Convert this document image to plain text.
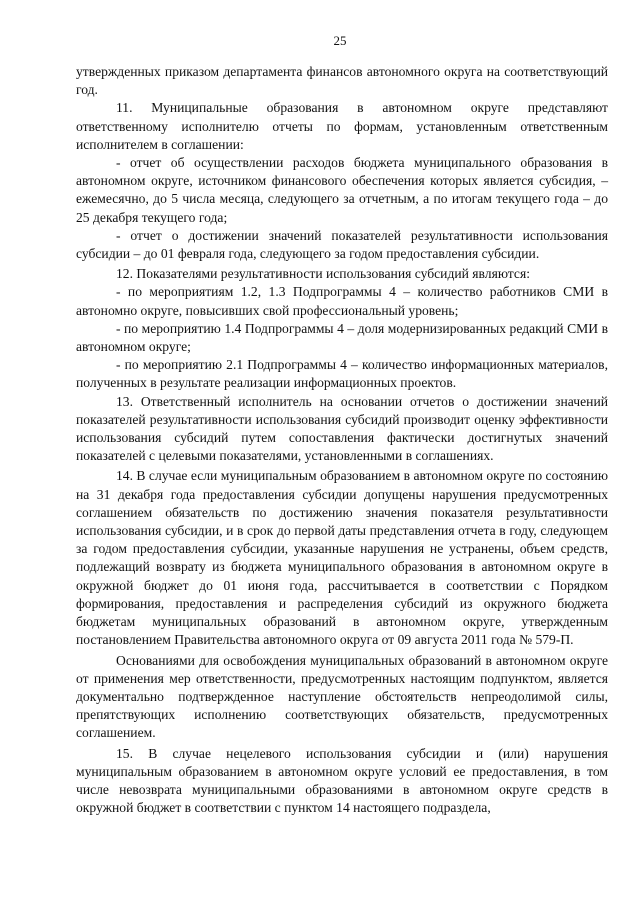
25

утвержденных приказом департамента финансов автономного округа на соответствующий год.

11. Муниципальные образования в автономном округе представляют ответственному исполнителю отчеты по формам, установленным ответственным исполнителем в соглашении:

- отчет об осуществлении расходов бюджета муниципального образования в автономном округе, источником финансового обеспечения которых является субсидия, – ежемесячно, до 5 числа месяца, следующего за отчетным, а по итогам текущего года – до 25 декабря текущего года;

- отчет о достижении значений показателей результативности использования субсидии – до 01 февраля года, следующего за годом предоставления субсидии.

12. Показателями результативности использования субсидий являются:

- по мероприятиям 1.2, 1.3 Подпрограммы 4 – количество работников СМИ в автономно округе, повысивших свой профессиональный уровень;

- по мероприятию 1.4 Подпрограммы 4 – доля модернизированных редакций СМИ в автономном округе;

- по мероприятию 2.1 Подпрограммы 4 – количество информационных материалов, полученных в результате реализации информационных проектов.

13. Ответственный исполнитель на основании отчетов о достижении значений показателей результативности использования субсидий производит оценку эффективности использования субсидий путем сопоставления фактически достигнутых значений показателей с целевыми показателями, установленными в соглашениях.

14. В случае если муниципальным образованием в автономном округе по состоянию на 31 декабря года предоставления субсидии допущены нарушения предусмотренных соглашением обязательств по достижению значения показателя результативности использования субсидии, и в срок до первой даты представления отчета в году, следующем за годом предоставления субсидии, указанные нарушения не устранены, объем средств, подлежащий возврату из бюджета муниципального образования в автономном округе в окружной бюджет до 01 июня года, рассчитывается в соответствии с Порядком формирования, предоставления и распределения субсидий из окружного бюджета бюджетам муниципальных образований в автономном округе, утвержденным постановлением Правительства автономного округа от 09 августа 2011 года № 579-П.

Основаниями для освобождения муниципальных образований в автономном округе от применения мер ответственности, предусмотренных настоящим подпунктом, является документально подтвержденное наступление обстоятельств непреодолимой силы, препятствующих исполнению соответствующих обязательств, предусмотренных соглашением.

15. В случае нецелевого использования субсидии и (или) нарушения муниципальным образованием в автономном округе условий ее предоставления, в том числе невозврата муниципальными образованиями в автономном округе средств в окружной бюджет в соответствии с пунктом 14 настоящего подраздела,
